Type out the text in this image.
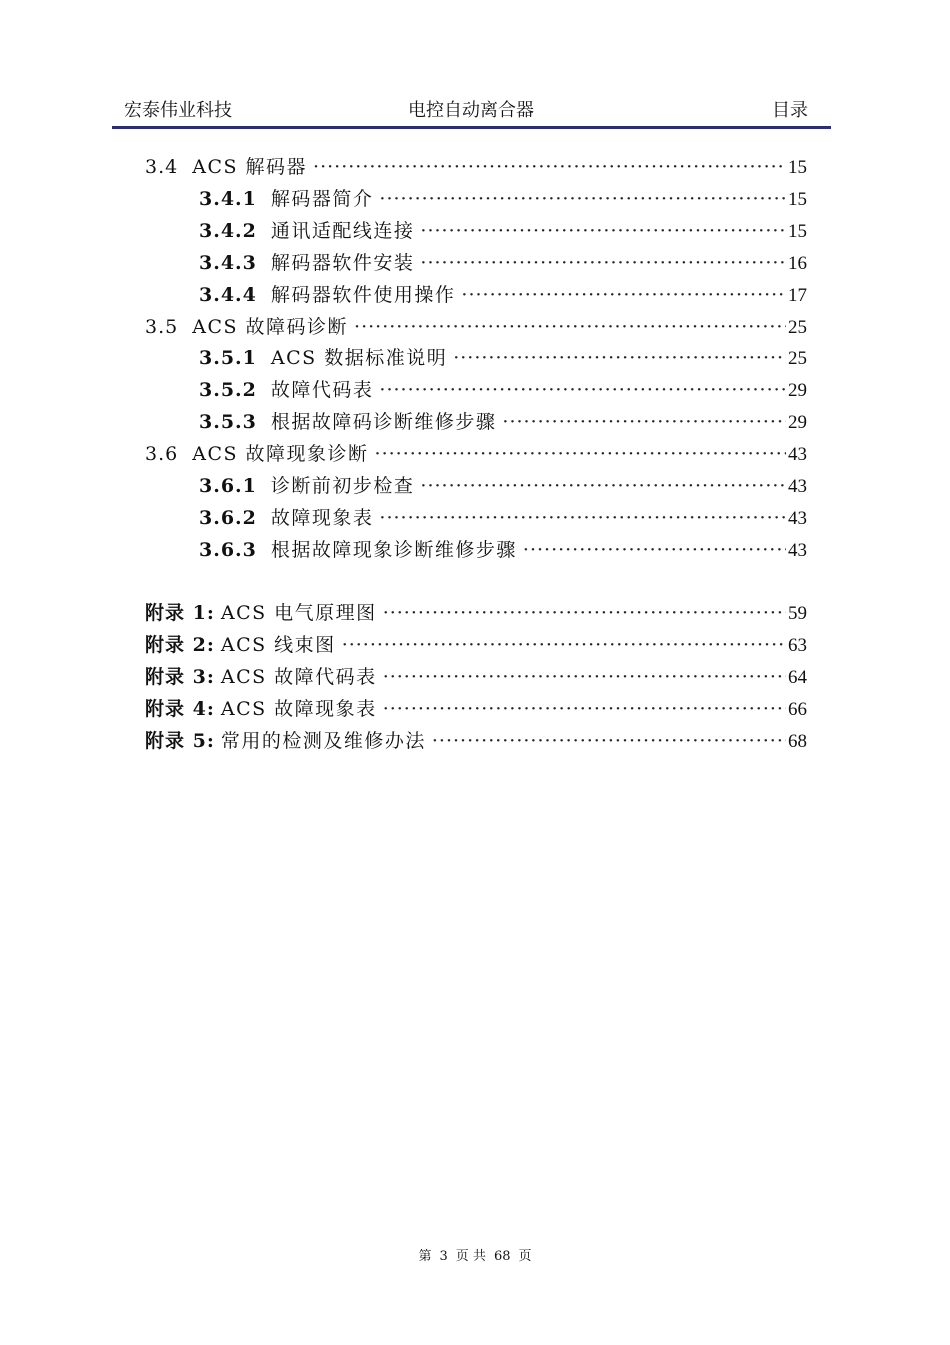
宏泰伟业科技	电控自动离合器	目录
3.4 ACS 解码器 ·····	15
3.4.1 解码器简介 ·····	15
3.4.2 通讯适配线连接 ·····	15
3.4.3 解码器软件安装 ·····	16
3.4.4 解码器软件使用操作 ·····	17
3.5 ACS 故障码诊断 ·····	25
3.5.1 ACS 数据标准说明 ·····	25
3.5.2 故障代码表 ·····	29
3.5.3 根据故障码诊断维修步骤 ·····	29
3.6 ACS 故障现象诊断 ·····	43
3.6.1 诊断前初步检查 ·····	43
3.6.2 故障现象表 ·····	43
3.6.3 根据故障现象诊断维修步骤 ·····	43
附录 1: ACS 电气原理图 ·····	59
附录 2: ACS 线束图 ·····	63
附录 3: ACS 故障代码表 ·····	64
附录 4: ACS 故障现象表 ·····	66
附录 5: 常用的检测及维修办法 ·····	68
第 3 页 共 68 页
